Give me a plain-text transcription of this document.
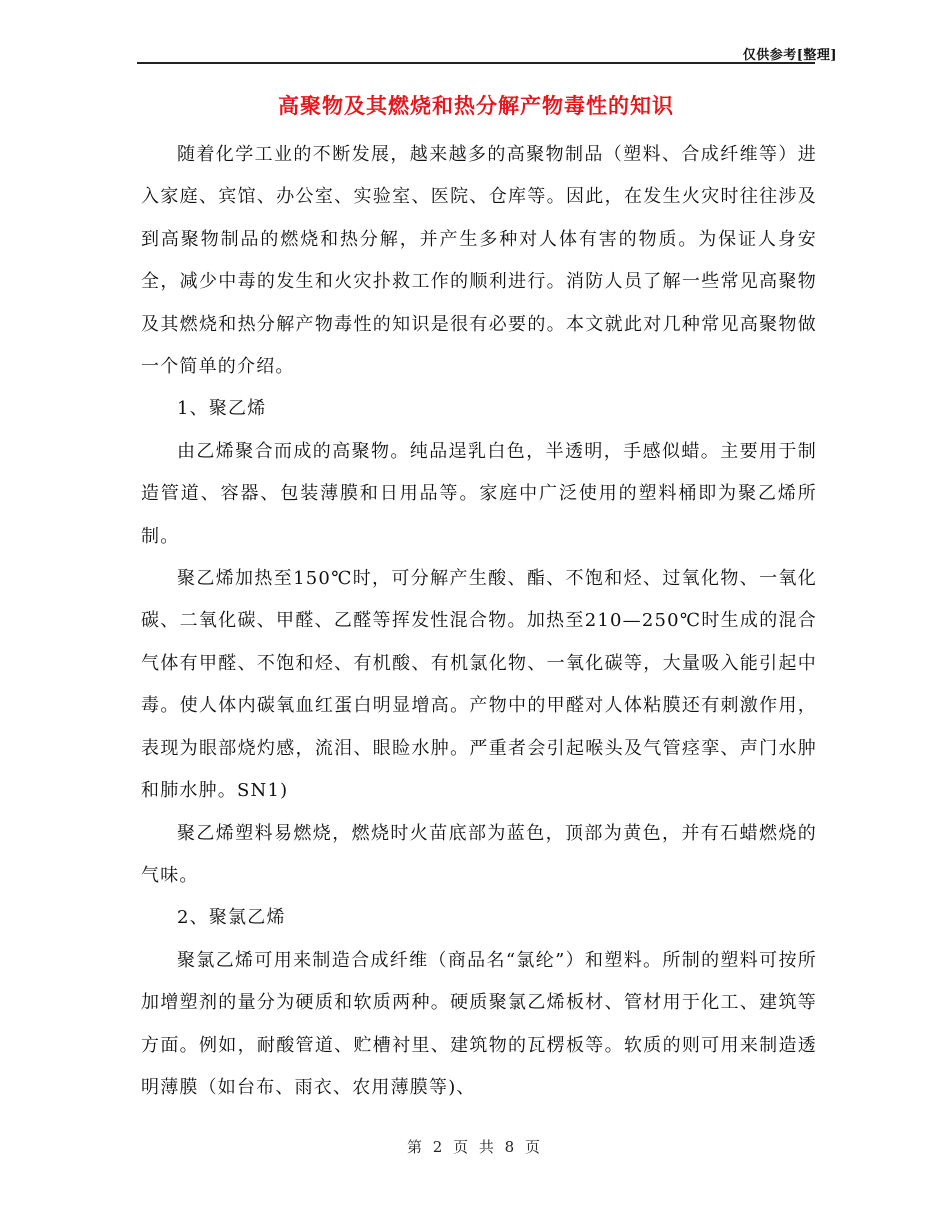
仅供参考[整理]
高聚物及其燃烧和热分解产物毒性的知识

随着化学工业的不断发展，越来越多的高聚物制品（塑料、合成纤维等）进入家庭、宾馆、办公室、实验室、医院、仓库等。因此，在发生火灾时往往涉及到高聚物制品的燃烧和热分解，并产生多种对人体有害的物质。为保证人身安全，减少中毒的发生和火灾扑救工作的顺利进行。消防人员了解一些常见高聚物及其燃烧和热分解产物毒性的知识是很有必要的。本文就此对几种常见高聚物做一个简单的介绍。

1、聚乙烯

由乙烯聚合而成的高聚物。纯品逞乳白色，半透明，手感似蜡。主要用于制造管道、容器、包装薄膜和日用品等。家庭中广泛使用的塑料桶即为聚乙烯所制。

聚乙烯加热至150℃时，可分解产生酸、酯、不饱和烃、过氧化物、一氧化碳、二氧化碳、甲醛、乙醛等挥发性混合物。加热至210—250℃时生成的混合气体有甲醛、不饱和烃、有机酸、有机氯化物、一氧化碳等，大量吸入能引起中毒。使人体内碳氧血红蛋白明显增高。产物中的甲醛对人体粘膜还有刺激作用，表现为眼部烧灼感，流泪、眼睑水肿。严重者会引起喉头及气管痉挛、声门水肿和肺水肿。SN1)

聚乙烯塑料易燃烧，燃烧时火苗底部为蓝色，顶部为黄色，并有石蜡燃烧的气味。

2、聚氯乙烯

聚氯乙烯可用来制造合成纤维（商品名“氯纶”）和塑料。所制的塑料可按所加增塑剂的量分为硬质和软质两种。硬质聚氯乙烯板材、管材用于化工、建筑等方面。例如，耐酸管道、贮槽衬里、建筑物的瓦楞板等。软质的则可用来制造透明薄膜（如台布、雨衣、农用薄膜等)、

第 2 页 共 8 页
